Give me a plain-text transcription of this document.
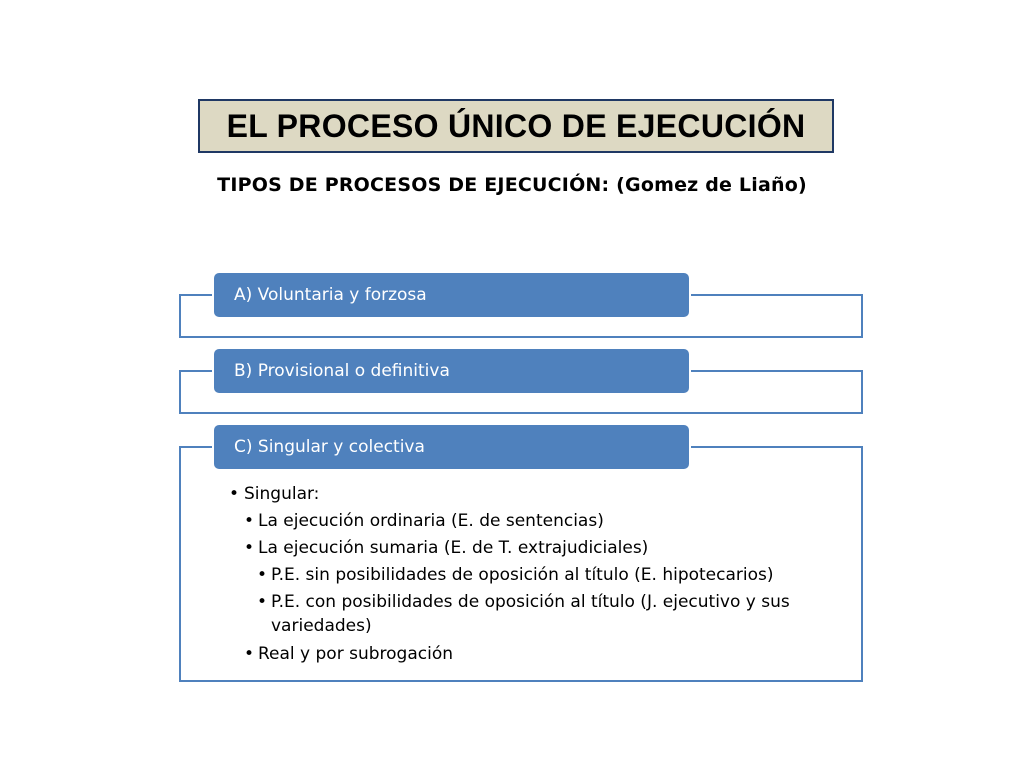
EL PROCESO ÚNICO DE EJECUCIÓN
TIPOS DE PROCESOS DE EJECUCIÓN: (Gomez de Liaño)
A) Voluntaria y forzosa
B) Provisional o definitiva
C) Singular y colectiva
• Singular:
• La ejecución ordinaria (E. de sentencias)
• La ejecución sumaria (E. de T. extrajudiciales)
• P.E. sin posibilidades de oposición al título (E. hipotecarios)
• P.E. con posibilidades de oposición al título (J. ejecutivo y sus
variedades)
• Real y por subrogación
